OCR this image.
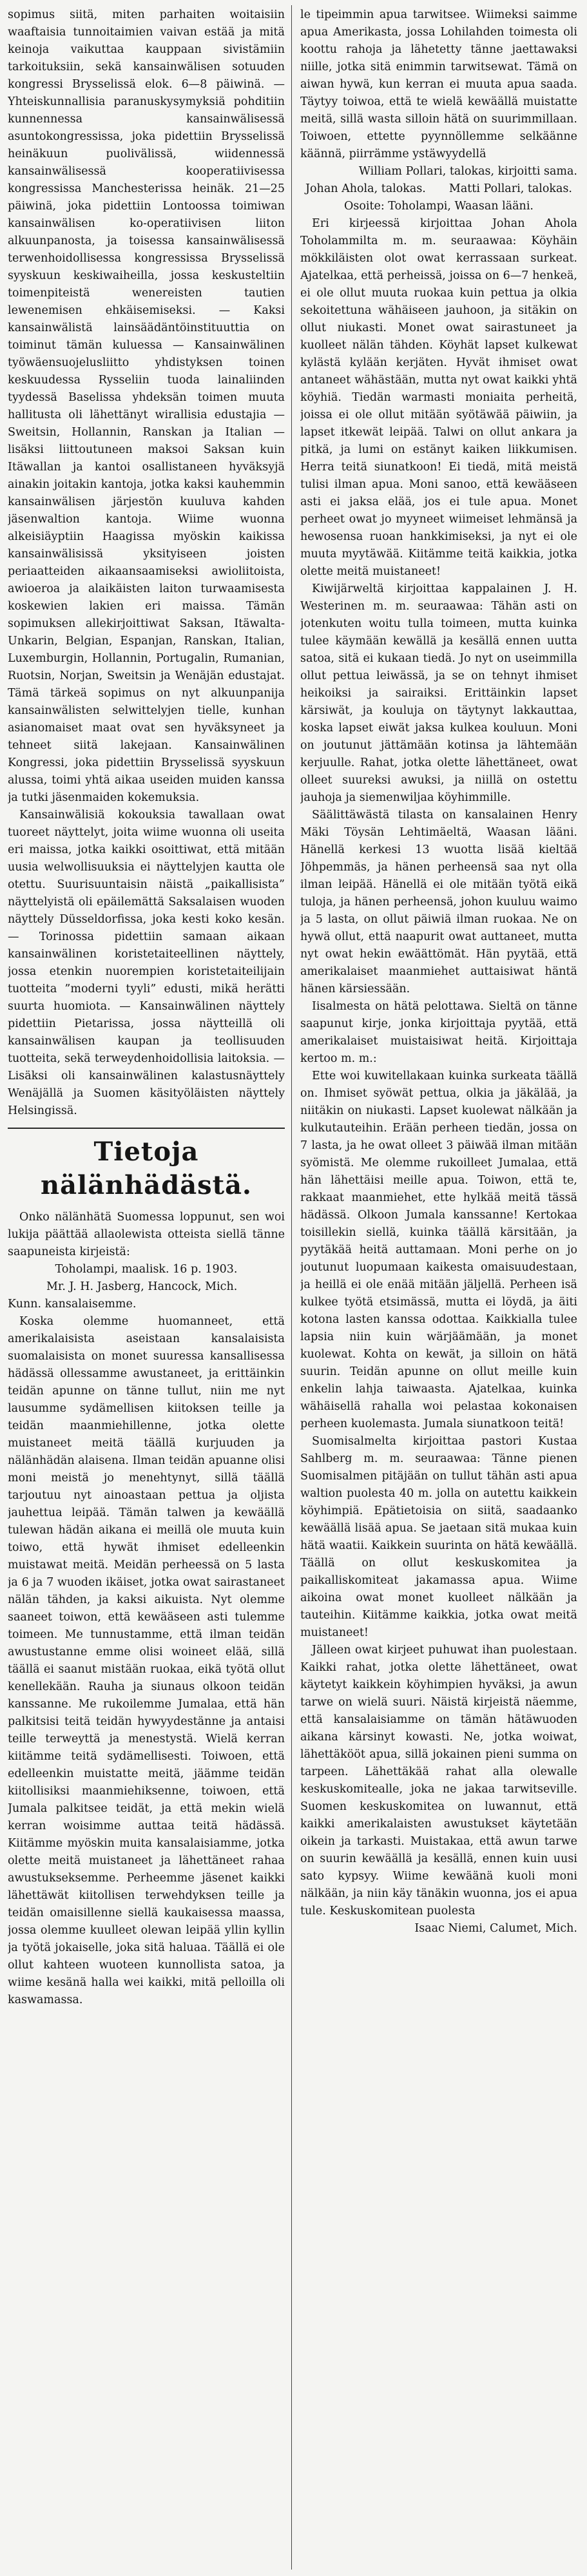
sopimus siitä, miten parhaiten woitaisiin waaftaisia tunnoitaimien vaivan estää ja mitä keinoja vaikuttaa kauppaan sivistämiin tarkoituksiin, sekä kansainwälisen sotuuden kongressi Brysselissä elok. 6—8 päiwinä. — Yhteiskunnallisia paranuskysymyksiä pohditiin kunnennessa kansainwälisessä asuntokongressissa, joka pidettiin Brysselissä heinäkuun puolivälissä, wiidennessä kansainwälisessä kooperatiivisessa kongressissa Manchesterissa heinäk. 21—25 päiwinä, joka pidettiin Lontoossa toimiwan kansainwälisen ko-operatiivisen liiton alkuunpanosta, ja toisessa kansainwälisessä terwenhoidollisessa kongressissa Brysselissä syyskuun keskiwaiheilla, jossa keskusteltiin toimenpiteistä wenereisten tautien lewenemisen ehkäisemiseksi. — Kaksi kansainwälistä lainsäädäntöinstituuttia on toiminut tämän kuluessa — Kansainwälinen työwäensuojelusliitto yhdistyksen toinen keskuudessa Rysseliin tuoda lainaliinden tyydessä Baselissa yhdeksän toimen muuta hallitusta oli lähettänyt wirallisia edustajia — Sweitsin, Hollannin, Ranskan ja Italian — lisäksi liittoutuneen maksoi Saksan kuin Itäwallan ja kantoi osallistaneen hyväksyjä ainakin joitakin kantoja, jotka kaksi kauhemmin kansainwälisen järjestön kuuluva kahden jäsenwaltion kantoja. Wiime wuonna alkeisiäyptiin Haagissa myöskin kaikissa kansainwälisissä yksityiseen joisten periaatteiden aikaansaamiseksi awioliitoista, awioeroa ja alaikäisten laiton turwaamisesta koskewien lakien eri maissa. Tämän sopimuksen allekirjoittiwat Saksan, Itäwalta-Unkarin, Belgian, Espanjan, Ranskan, Italian, Luxemburgin, Hollannin, Portugalin, Rumanian, Ruotsin, Norjan, Sweitsin ja Wenäjän edustajat. Tämä tärkeä sopimus on nyt alkuunpanija kansainwälisten selwittelyjen tielle, kunhan asianomaiset maat ovat sen hyväksyneet ja tehneet siitä lakejaan. Kansainwälinen Kongressi, joka pidettiin Brysselissä syyskuun alussa, toimi yhtä aikaa useiden muiden kanssa ja tutki jäsenmaiden kokemuksia.

Kansainwälisiä kokouksia tawallaan owat tuoreet näyttelyt, joita wiime wuonna oli useita eri maissa, jotka kaikki osoittiwat, että mitään uusia welwollisuuksia ei näyttelyjen kautta ole otettu. Suurisuuntaisin näistä „paikallisista” näyttelyistä oli epäilemättä Saksalaisen wuoden näyttely Düsseldorfissa, joka kesti koko kesän. — Torinossa pidettiin samaan aikaan kansainwälinen koristetaiteellinen näyttely, jossa etenkin nuorempien koristetaiteilijain tuotteita ”moderni tyyli” edusti, mikä herätti suurta huomiota. — Kansainwälinen näyttely pidettiin Pietarissa, jossa näytteillä oli kansainwälisen kaupan ja teollisuuden tuotteita, sekä terweydenhoidollisia laitoksia. — Lisäksi oli kansainwälinen kalastusnäyttely Wenäjällä ja Suomen käsityöläisten näyttely Helsingissä.

Tietoja nälänhädästä.

Onko nälänhätä Suomessa loppunut, sen woi lukija päättää allaolewista otteista siellä tänne saapuneista kirjeistä:

Toholampi, maalisk. 16 p. 1903.

Mr. J. H. Jasberg, Hancock, Mich.

Kunn. kansalaisemme.

Koska olemme huomanneet, että amerikalaisista aseistaan kansalaisista suomalaisista on monet suuressa kansallisessa hädässä ollessamme awustaneet, ja erittäinkin teidän apunne on tänne tullut, niin me nyt lausumme sydämellisen kiitoksen teille ja teidän maanmiehillenne, jotka olette muistaneet meitä täällä kurjuuden ja nälänhädän alaisena. Ilman teidän apuanne olisi moni meistä jo menehtynyt, sillä täällä tarjoutuu nyt ainoastaan pettua ja oljista jauhettua leipää. Tämän talwen ja kewäällä tulewan hädän aikana ei meillä ole muuta kuin toiwo, että hywät ihmiset edelleenkin muistawat meitä. Meidän perheessä on 5 lasta ja 6 ja 7 wuoden ikäiset, jotka owat sairastaneet nälän tähden, ja kaksi aikuista. Nyt olemme saaneet toiwon, että kewääseen asti tulemme toimeen. Me tunnustamme, että ilman teidän awustustanne emme olisi woineet elää, sillä täällä ei saanut mistään ruokaa, eikä työtä ollut kenellekään. Rauha ja siunaus olkoon teidän kanssanne. Me rukoilemme Jumalaa, että hän palkitsisi teitä teidän hywyydestänne ja antaisi teille terweyttä ja menestystä. Wielä kerran kiitämme teitä sydämellisesti. Toiwoen, että edelleenkin muistatte meitä, jäämme teidän kiitollisiksi maanmiehiksenne, toiwoen, että Jumala palkitsee teidät, ja että mekin wielä kerran woisimme auttaa teitä hädässä. Kiitämme myöskin muita kansalaisiamme, jotka olette meitä muistaneet ja lähettäneet rahaa awustukseksemme. Perheemme jäsenet kaikki lähettäwät kiitollisen terwehdyksen teille ja teidän omaisillenne siellä kaukaisessa maassa, jossa olemme kuulleet olewan leipää yllin kyllin ja työtä jokaiselle, joka sitä haluaa. Täällä ei ole ollut kahteen wuoteen kunnollista satoa, ja wiime kesänä halla wei kaikki, mitä pelloilla oli kaswamassa.

le tipeimmin apua tarwitsee. Wiimeksi saimme apua Amerikasta, jossa Lohilahden toimesta oli koottu rahoja ja lähetetty tänne jaettawaksi niille, jotka sitä enimmin tarwitsewat. Tämä on aiwan hywä, kun kerran ei muuta apua saada. Täytyy toiwoa, että te wielä kewäällä muistatte meitä, sillä wasta silloin hätä on suurimmillaan. Toiwoen, ettette pyynnöllemme selkäänne käännä, piirrämme ystäwyydellä

William Pollari, talokas, kirjoitti sama.

Johan Ahola, talokas. Matti Pollari, talokas.

Osoite: Toholampi, Waasan lääni.

Eri kirjeessä kirjoittaa Johan Ahola Toholammilta m. m. seuraawaa: Köyhäin mökkiläisten olot owat kerrassaan surkeat. Ajatelkaa, että perheissä, joissa on 6—7 henkeä, ei ole ollut muuta ruokaa kuin pettua ja olkia sekoitettuna wähäiseen jauhoon, ja sitäkin on ollut niukasti. Monet owat sairastuneet ja kuolleet nälän tähden. Köyhät lapset kulkewat kylästä kylään kerjäten. Hyvät ihmiset owat antaneet wähästään, mutta nyt owat kaikki yhtä köyhiä. Tiedän warmasti moniaita perheitä, joissa ei ole ollut mitään syötäwää päiwiin, ja lapset itkewät leipää. Talwi on ollut ankara ja pitkä, ja lumi on estänyt kaiken liikkumisen. Herra teitä siunatkoon! Ei tiedä, mitä meistä tulisi ilman apua. Moni sanoo, että kewääseen asti ei jaksa elää, jos ei tule apua. Monet perheet owat jo myyneet wiimeiset lehmänsä ja hewosensa ruoan hankkimiseksi, ja nyt ei ole muuta myytäwää. Kiitämme teitä kaikkia, jotka olette meitä muistaneet!

Kiwijärweltä kirjoittaa kappalainen J. H. Westerinen m. m. seuraawaa: Tähän asti on jotenkuten woitu tulla toimeen, mutta kuinka tulee käymään kewällä ja kesällä ennen uutta satoa, sitä ei kukaan tiedä. Jo nyt on useimmilla ollut pettua leiwässä, ja se on tehnyt ihmiset heikoiksi ja sairaiksi. Erittäinkin lapset kärsiwät, ja kouluja on täytynyt lakkauttaa, koska lapset eiwät jaksa kulkea kouluun. Moni on joutunut jättämään kotinsa ja lähtemään kerjuulle. Rahat, jotka olette lähettäneet, owat olleet suureksi awuksi, ja niillä on ostettu jauhoja ja siemenwiljaa köyhimmille.

Säälittäwästä tilasta on kansalainen Henry Mäki Töysän Lehtimäeltä, Waasan lääni. Hänellä kerkesi 13 wuotta lisää kieltää Jöhpemmäs, ja hänen perheensä saa nyt olla ilman leipää. Hänellä ei ole mitään työtä eikä tuloja, ja hänen perheensä, johon kuuluu waimo ja 5 lasta, on ollut päiwiä ilman ruokaa. Ne on hywä ollut, että naapurit owat auttaneet, mutta nyt owat hekin ewäättömät. Hän pyytää, että amerikalaiset maanmiehet auttaisiwat häntä hänen kärsiessään.

Iisalmesta on hätä pelottawa. Sieltä on tänne saapunut kirje, jonka kirjoittaja pyytää, että amerikalaiset muistaisiwat heitä. Kirjoittaja kertoo m. m.:

Ette woi kuwitellakaan kuinka surkeata täällä on. Ihmiset syöwät pettua, olkia ja jäkälää, ja niitäkin on niukasti. Lapset kuolewat nälkään ja kulkutauteihin. Erään perheen tiedän, jossa on 7 lasta, ja he owat olleet 3 päiwää ilman mitään syömistä. Me olemme rukoilleet Jumalaa, että hän lähettäisi meille apua. Toiwon, että te, rakkaat maanmiehet, ette hylkää meitä tässä hädässä. Olkoon Jumala kanssanne! Kertokaa toisillekin siellä, kuinka täällä kärsitään, ja pyytäkää heitä auttamaan. Moni perhe on jo joutunut luopumaan kaikesta omaisuudestaan, ja heillä ei ole enää mitään jäljellä. Perheen isä kulkee työtä etsimässä, mutta ei löydä, ja äiti kotona lasten kanssa odottaa. Kaikkialla tulee lapsia niin kuin wärjäämään, ja monet kuolewat. Kohta on kewät, ja silloin on hätä suurin. Teidän apunne on ollut meille kuin enkelin lahja taiwaasta. Ajatelkaa, kuinka wähäisellä rahalla woi pelastaa kokonaisen perheen kuolemasta. Jumala siunatkoon teitä!

Suomisalmelta kirjoittaa pastori Kustaa Sahlberg m. m. seuraawaa: Tänne pienen Suomisalmen pitäjään on tullut tähän asti apua waltion puolesta 40 m. jolla on autettu kaikkein köyhimpiä. Epätietoisia on siitä, saadaanko kewäällä lisää apua. Se jaetaan sitä mukaa kuin hätä waatii. Kaikkein suurinta on hätä kewäällä. Täällä on ollut keskuskomitea ja paikalliskomiteat jakamassa apua. Wiime aikoina owat monet kuolleet nälkään ja tauteihin. Kiitämme kaikkia, jotka owat meitä muistaneet!

Jälleen owat kirjeet puhuwat ihan puolestaan. Kaikki rahat, jotka olette lähettäneet, owat käytetyt kaikkein köyhimpien hyväksi, ja awun tarwe on wielä suuri. Näistä kirjeistä näemme, että kansalaisiamme on tämän hätäwuoden aikana kärsinyt kowasti. Ne, jotka woiwat, lähettäkööt apua, sillä jokainen pieni summa on tarpeen. Lähettäkää rahat alla olewalle keskuskomitealle, joka ne jakaa tarwitseville. Suomen keskuskomitea on luwannut, että kaikki amerikalaisten awustukset käytetään oikein ja tarkasti. Muistakaa, että awun tarwe on suurin kewäällä ja kesällä, ennen kuin uusi sato kypsyy. Wiime kewäänä kuoli moni nälkään, ja niin käy tänäkin wuonna, jos ei apua tule. Keskuskomitean puolesta

Isaac Niemi, Calumet, Mich.
